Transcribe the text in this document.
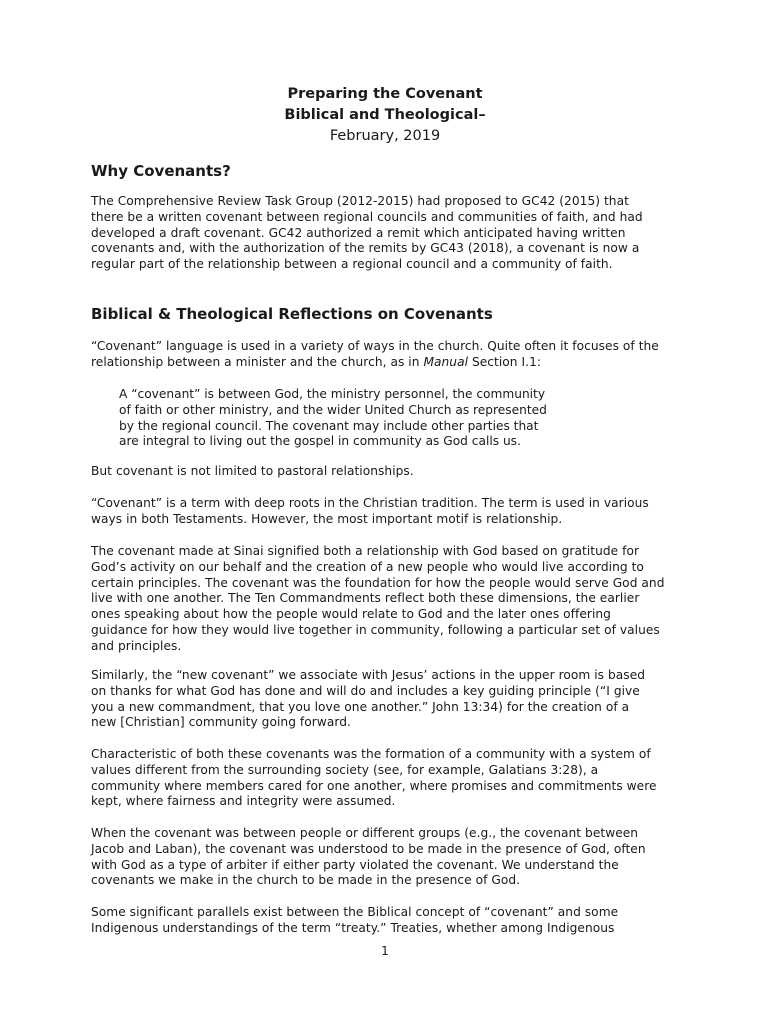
Preparing the Covenant
Biblical and Theological–
February, 2019
Why Covenants?
The Comprehensive Review Task Group (2012-2015) had proposed to GC42 (2015) that
there be a written covenant between regional councils and communities of faith, and had
developed a draft covenant. GC42 authorized a remit which anticipated having written
covenants and, with the authorization of the remits by GC43 (2018), a covenant is now a
regular part of the relationship between a regional council and a community of faith.
Biblical & Theological Reflections on Covenants
“Covenant” language is used in a variety of ways in the church. Quite often it focuses of the
relationship between a minister and the church, as in Manual Section I.1:
A “covenant” is between God, the ministry personnel, the community
of faith or other ministry, and the wider United Church as represented
by the regional council. The covenant may include other parties that
are integral to living out the gospel in community as God calls us.
But covenant is not limited to pastoral relationships.
“Covenant” is a term with deep roots in the Christian tradition. The term is used in various
ways in both Testaments. However, the most important motif is relationship.
The covenant made at Sinai signified both a relationship with God based on gratitude for
God’s activity on our behalf and the creation of a new people who would live according to
certain principles. The covenant was the foundation for how the people would serve God and
live with one another. The Ten Commandments reflect both these dimensions, the earlier
ones speaking about how the people would relate to God and the later ones offering
guidance for how they would live together in community, following a particular set of values
and principles.
Similarly, the “new covenant” we associate with Jesus’ actions in the upper room is based
on thanks for what God has done and will do and includes a key guiding principle (“I give
you a new commandment, that you love one another.” John 13:34) for the creation of a
new [Christian] community going forward.
Characteristic of both these covenants was the formation of a community with a system of
values different from the surrounding society (see, for example, Galatians 3:28), a
community where members cared for one another, where promises and commitments were
kept, where fairness and integrity were assumed.
When the covenant was between people or different groups (e.g., the covenant between
Jacob and Laban), the covenant was understood to be made in the presence of God, often
with God as a type of arbiter if either party violated the covenant. We understand the
covenants we make in the church to be made in the presence of God.
Some significant parallels exist between the Biblical concept of “covenant” and some
Indigenous understandings of the term “treaty.” Treaties, whether among Indigenous
1
